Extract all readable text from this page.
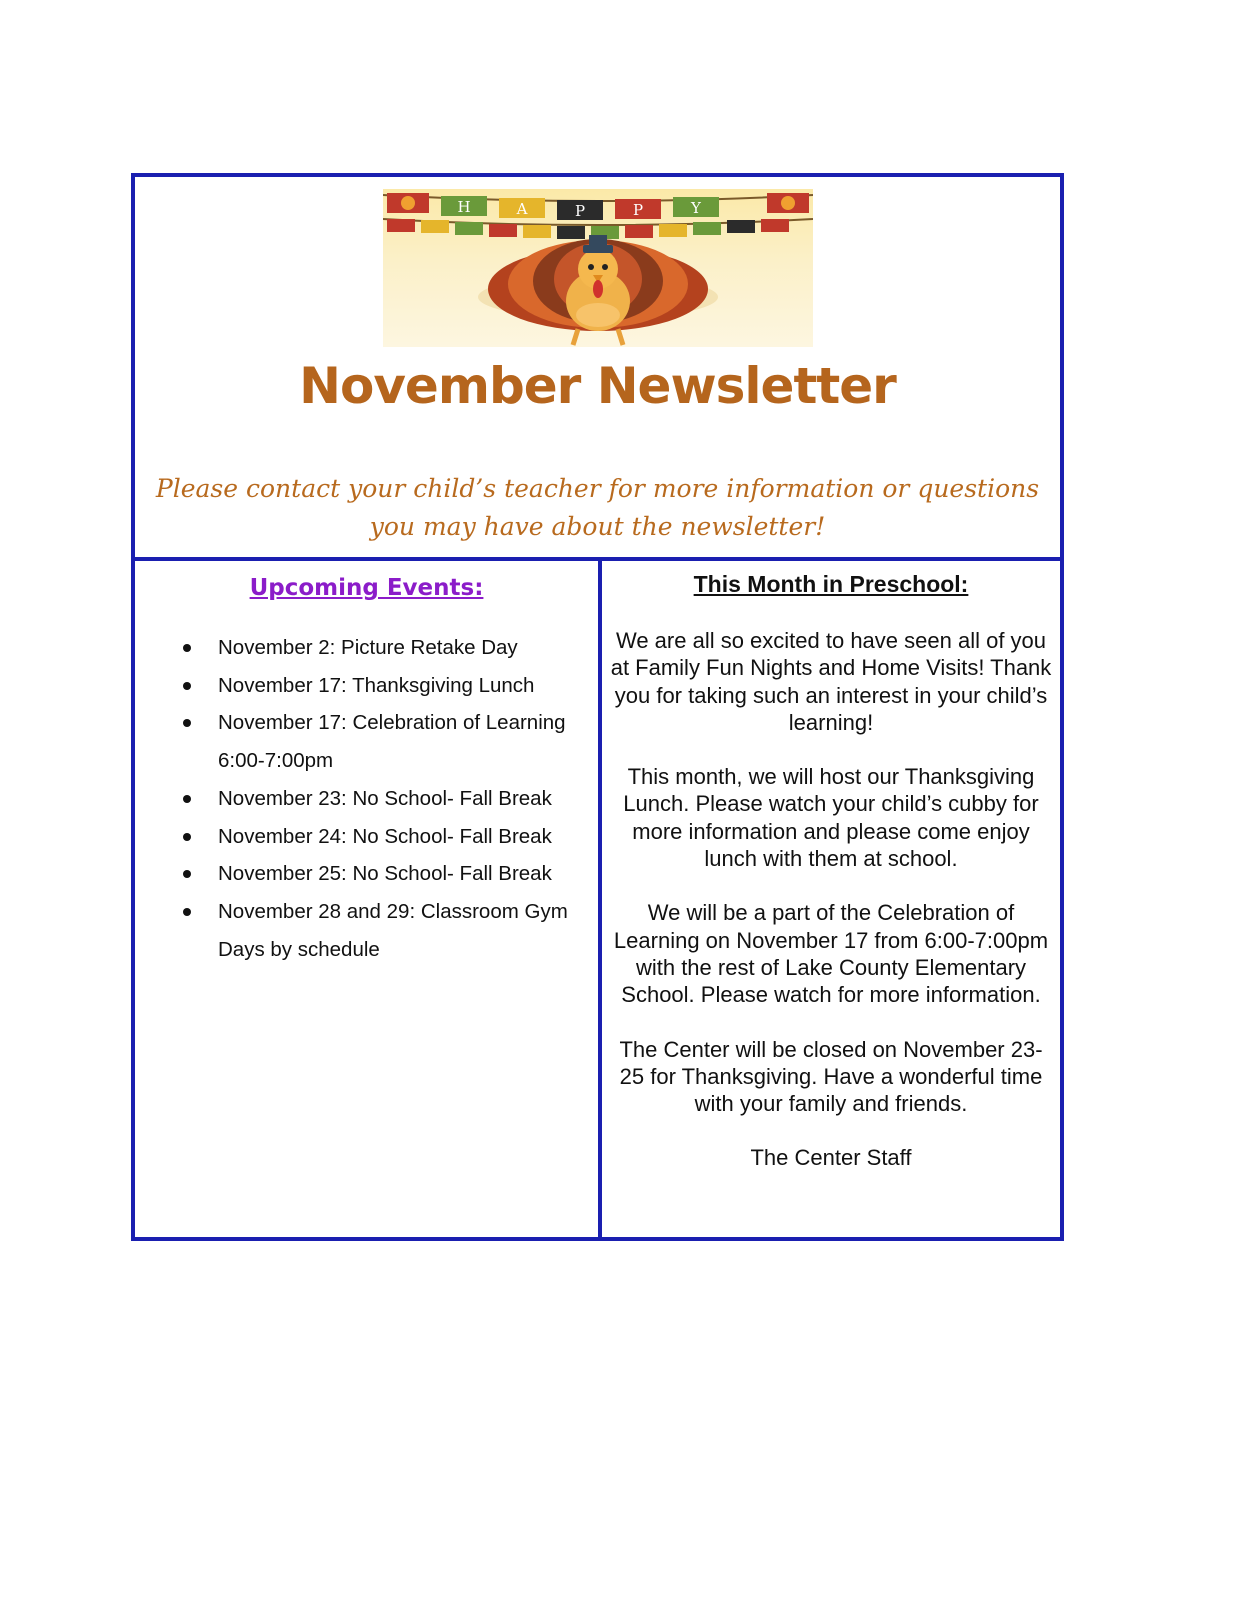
H	A	P	P	Y
November Newsletter
Please contact your child’s teacher for more information or questions you may have about the newsletter!
Upcoming Events:
November 2: Picture Retake Day
November 17: Thanksgiving Lunch
November 17: Celebration of Learning 6:00-7:00pm
November 23: No School- Fall Break
November 24: No School- Fall Break
November 25: No School- Fall Break
November 28 and 29: Classroom Gym Days by schedule
This Month in Preschool:

We are all so excited to have seen all of you at Family Fun Nights and Home Visits! Thank you for taking such an interest in your child’s learning!

This month, we will host our Thanksgiving Lunch. Please watch your child’s cubby for more information and please come enjoy lunch with them at school.

We will be a part of the Celebration of Learning on November 17 from 6:00-7:00pm with the rest of Lake County Elementary School. Please watch for more information.

The Center will be closed on November 23-25 for Thanksgiving. Have a wonderful time with your family and friends.

The Center Staff
